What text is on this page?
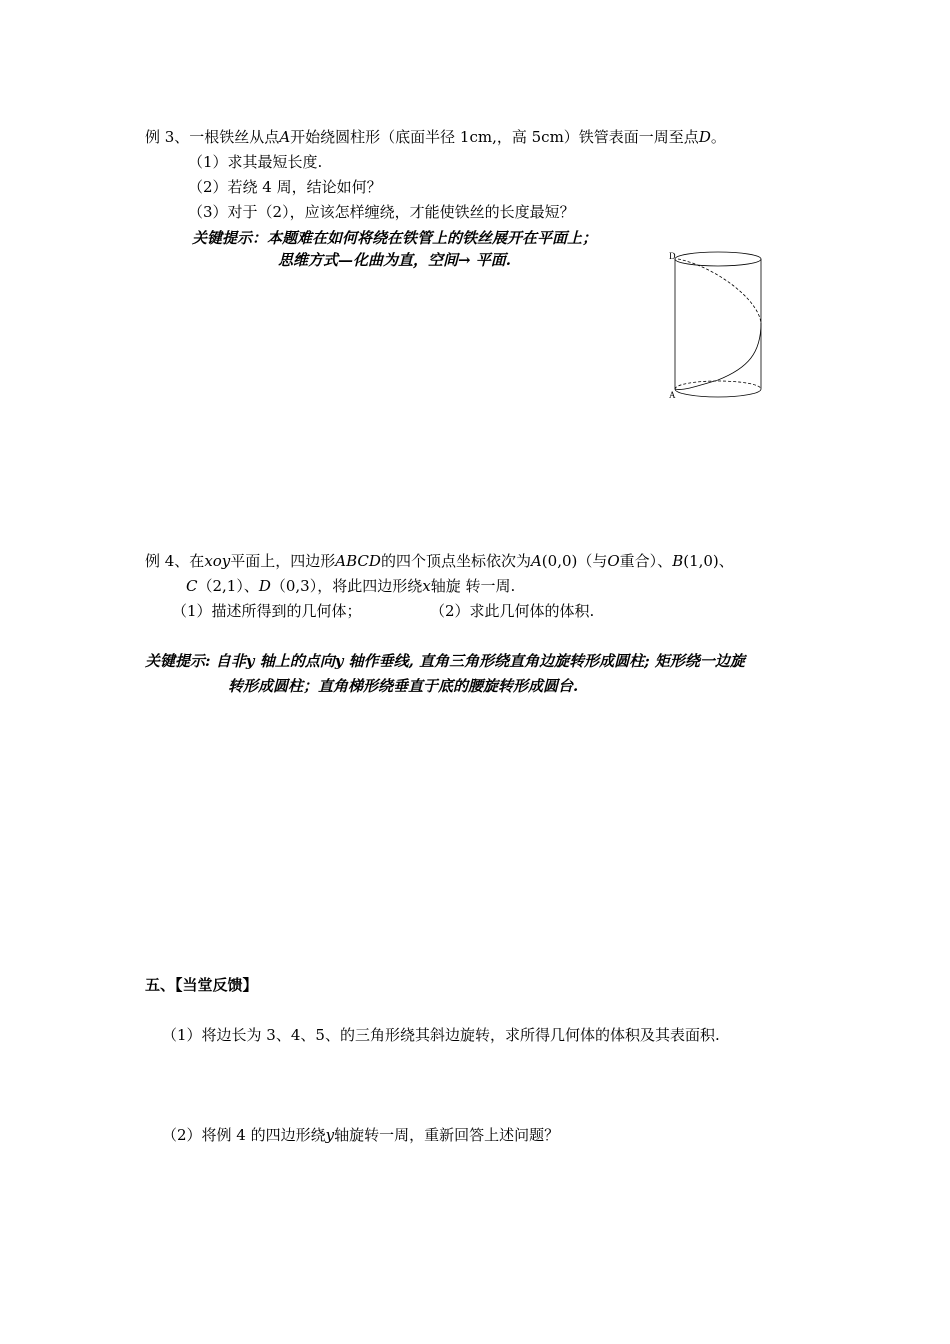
例 3、一根铁丝从点A开始绕圆柱形（底面半径 1cm,，高 5cm）铁管表面一周至点D。
（1）求其最短长度.
（2）若绕 4 周，结论如何？
（3）对于（2），应该怎样缠绕，才能使铁丝的长度最短？
关键提示：本题难在如何将绕在铁管上的铁丝展开在平面上；
思维方式—化曲为直，空间→ 平面.	D
A
例 4、在xoy平面上，四边形ABCD的四个顶点坐标依次为A(0,0)（与O重合）、B(1,0)、
C（2,1）、D（0,3），将此四边形绕x轴旋 转一周.
（1）描述所得到的几何体；	（2）求此几何体的体积.
关键提示: 自非y 轴上的点向y 轴作垂线, 直角三角形绕直角边旋转形成圆柱; 矩形绕一边旋
转形成圆柱；直角梯形绕垂直于底的腰旋转形成圆台.
五、【当堂反馈】
（1）将边长为 3、4、5、的三角形绕其斜边旋转，求所得几何体的体积及其表面积.
（2）将例 4 的四边形绕y轴旋转一周，重新回答上述问题？
